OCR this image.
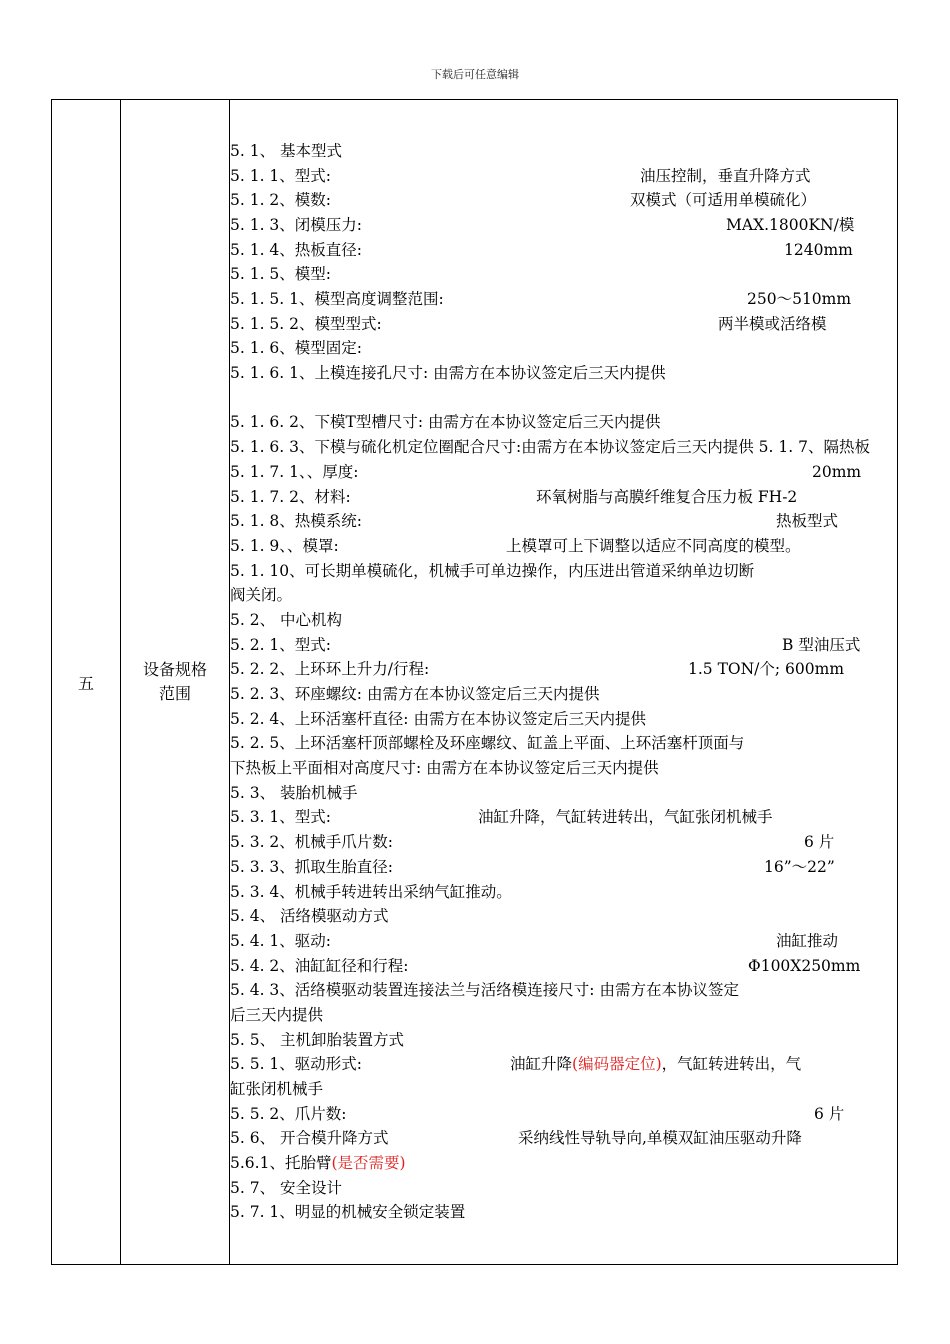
下载后可任意编辑
五	
设备规格
范围

5. 1、 基本型式
5. 1. 1、型式:	油压控制，垂直升降方式
5. 1. 2、模数:	双模式（可适用单模硫化）
5. 1. 3、闭模压力:	MAX.1800KN/模
5. 1. 4、热板直径:	1240mm
5. 1. 5、模型:
5. 1. 5. 1、模型高度调整范围:	250～510mm
5. 1. 5. 2、模型型式:	两半模或活络模
5. 1. 6、模型固定:
5. 1. 6. 1、上模连接孔尺寸: 由需方在本协议签定后三天内提供
5. 1. 6. 2、下模T型槽尺寸: 由需方在本协议签定后三天内提供
5. 1. 6. 3、下模与硫化机定位圈配合尺寸:由需方在本协议签定后三天内提供 5. 1. 7、隔热板
5. 1. 7. 1、、厚度:	20mm
5. 1. 7. 2、材料:	环氧树脂与高膜纤维复合压力板 FH-2
5. 1. 8、热模系统:	热板型式
5. 1. 9、、模罩:	上模罩可上下调整以适应不同高度的模型。
5. 1. 10、可长期单模硫化，机械手可单边操作，内压进出管道采纳单边切断
阀关闭。
5. 2、 中心机构
5. 2. 1、型式:	B 型油压式
5. 2. 2、上环环上升力/行程:	1.5 TON/个; 600mm
5. 2. 3、环座螺纹: 由需方在本协议签定后三天内提供
5. 2. 4、上环活塞杆直径: 由需方在本协议签定后三天内提供
5. 2. 5、上环活塞杆顶部螺栓及环座螺纹、缸盖上平面、上环活塞杆顶面与
下热板上平面相对高度尺寸: 由需方在本协议签定后三天内提供
5. 3、 装胎机械手
5. 3. 1、型式:	油缸升降，气缸转进转出，气缸张闭机械手
5. 3. 2、机械手爪片数:	6 片
5. 3. 3、抓取生胎直径:	16”～22”
5. 3. 4、机械手转进转出采纳气缸推动。
5. 4、 活络模驱动方式
5. 4. 1、驱动:	油缸推动
5. 4. 2、油缸缸径和行程:	Φ100X250mm
5. 4. 3、活络模驱动装置连接法兰与活络模连接尺寸: 由需方在本协议签定
后三天内提供
5. 5、 主机卸胎装置方式
5. 5. 1、驱动形式:	油缸升降(编码器定位)，气缸转进转出，气
缸张闭机械手
5. 5. 2、爪片数:	6 片
5. 6、 开合模升降方式	采纳线性导轨导向,单模双缸油压驱动升降
5.6.1、托胎臂(是否需要)
5. 7、 安全设计
5. 7. 1、明显的机械安全锁定装置
